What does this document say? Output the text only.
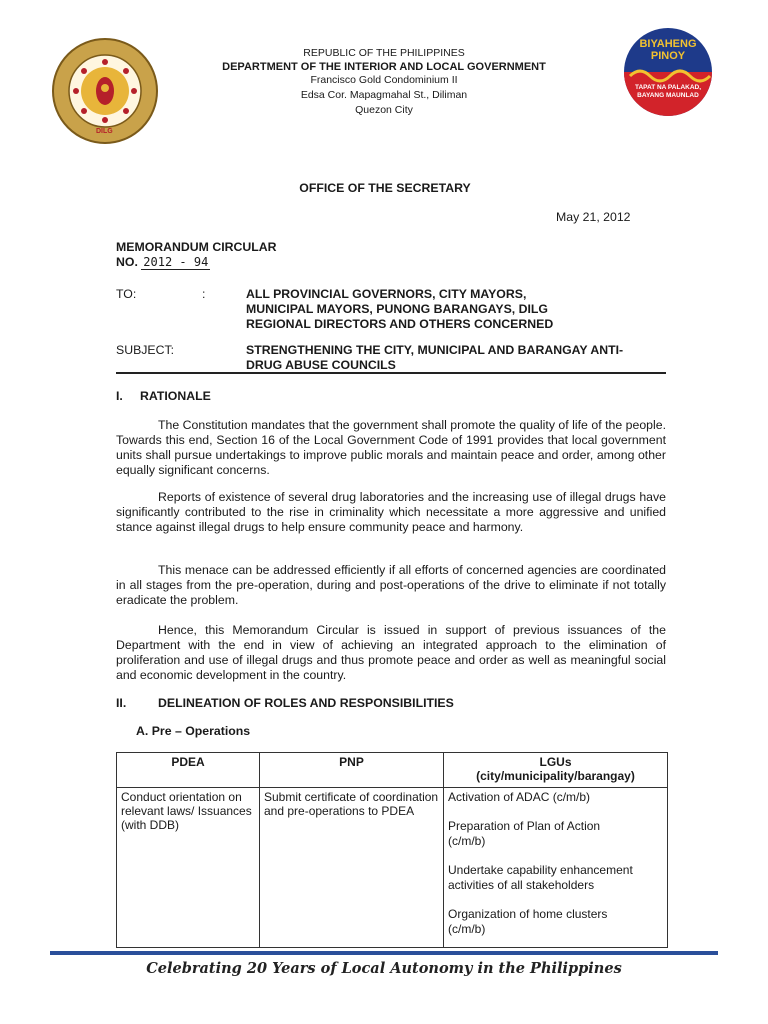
DILG
REPUBLIC OF THE PHILIPPINES
DEPARTMENT OF THE INTERIOR AND LOCAL GOVERNMENT
Francisco Gold Condominium II
Edsa Cor. Mapagmahal St., Diliman
Quezon City
BIYAHENG
PINOY
TAPAT NA PALAKAD,
BAYANG MAUNLAD
OFFICE OF THE SECRETARY
May 21, 2012
MEMORANDUM CIRCULAR
NO. 2012 - 94
TO:	:	ALL PROVINCIAL GOVERNORS, CITY MAYORS,
MUNICIPAL MAYORS, PUNONG BARANGAYS, DILG
REGIONAL DIRECTORS AND OTHERS CONCERNED
SUBJECT:	STRENGTHENING THE CITY, MUNICIPAL AND BARANGAY ANTI-
DRUG ABUSE COUNCILS
I. RATIONALE
The Constitution mandates that the government shall promote the quality of life of the people. Towards this end, Section 16 of the Local Government Code of 1991 provides that local government units shall pursue undertakings to improve public morals and maintain peace and order, among other equally significant concerns.
Reports of existence of several drug laboratories and the increasing use of illegal drugs have significantly contributed to the rise in criminality which necessitate a more aggressive and unified stance against illegal drugs to help ensure community peace and harmony.
This menace can be addressed efficiently if all efforts of concerned agencies are coordinated in all stages from the pre-operation, during and post-operations of the drive to eliminate if not totally eradicate the problem.
Hence, this Memorandum Circular is issued in support of previous issuances of the Department with the end in view of achieving an integrated approach to the elimination of proliferation and use of illegal drugs and thus promote peace and order as well as meaningful social and economic development in the country.
II.	DELINEATION OF ROLES AND RESPONSIBILITIES
A. Pre – Operations
PDEA	PNP	LGUs
(city/municipality/barangay)

Conduct orientation on relevant laws/ Issuances (with DDB)	Submit certificate of coordination and pre-operations to PDEA	Activation of ADAC (c/m/b)
Preparation of Plan of Action (c/m/b)
Undertake capability enhancement activities of all stakeholders
Organization of home clusters (c/m/b)
Celebrating 20 Years of Local Autonomy in the Philippines
